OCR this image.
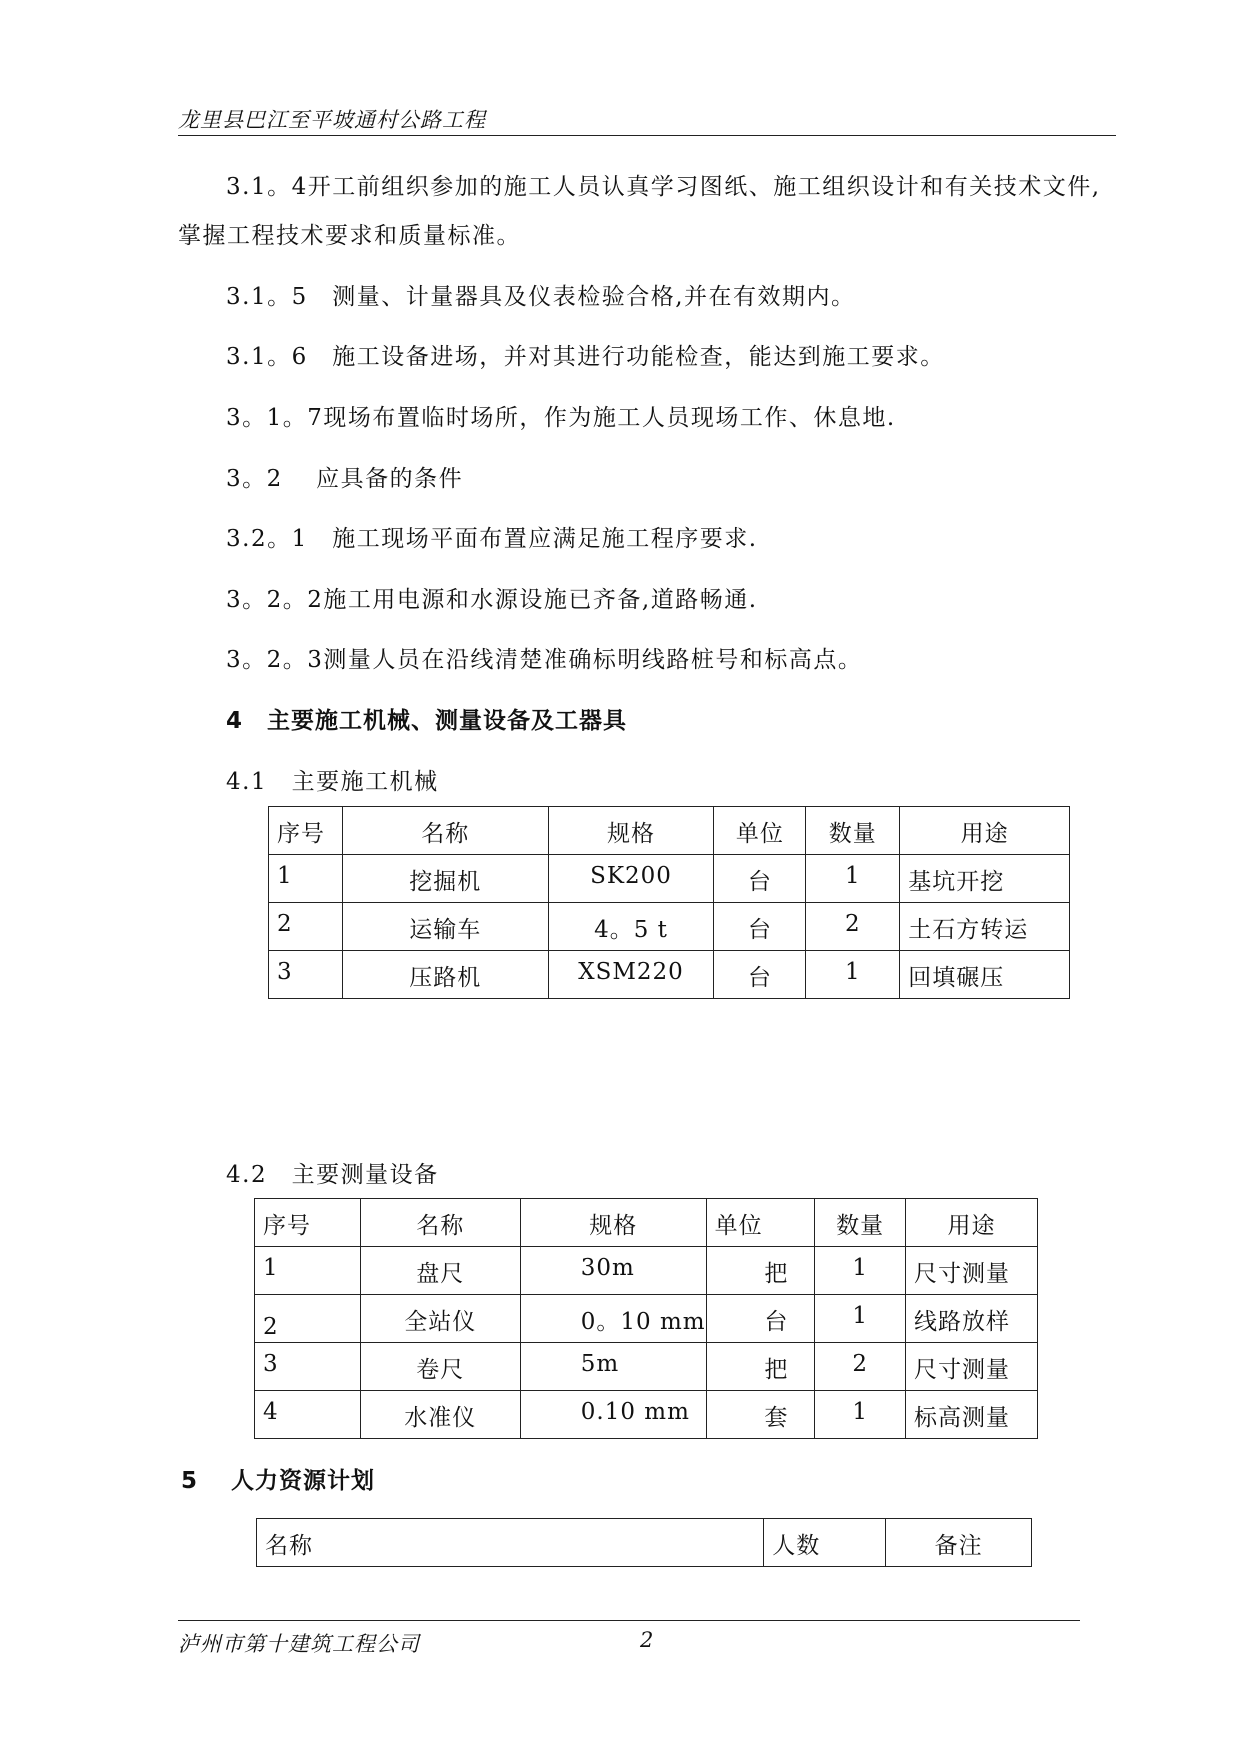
龙里县巴江至平坡通村公路工程
3.1。4开工前组织参加的施工人员认真学习图纸、施工组织设计和有关技术文件,
掌握工程技术要求和质量标准。
3.1。5　测量、计量器具及仪表检验合格,并在有效期内。
3.1。6　施工设备进场，并对其进行功能检查，能达到施工要求。
3。1。7现场布置临时场所，作为施工人员现场工作、休息地.
3。2　 应具备的条件
3.2。1　施工现场平面布置应满足施工程序要求.
3。2。2施工用电源和水源设施已齐备,道路畅通.
3。2。3测量人员在沿线清楚准确标明线路桩号和标高点。
4　主要施工机械、测量设备及工器具
4.1　主要施工机械
序号	名称	规格	单位	数量	用途
1	挖掘机	SK200	台	1	基坑开挖
2	运输车	4。5 t	台	2	土石方转运
3	压路机	XSM220	台	1	回填碾压
4.2　主要测量设备
序号	名称	规格	单位	数量	用途
1	盘尺	30m	把	1	尺寸测量
2	全站仪	0。10 mm	台	1	线路放样
3	卷尺	5m	把	2	尺寸测量
4	水准仪	0.10 mm	套	1	标高测量
5　 人力资源计划
名称	人数	备注
泸州市第十建筑工程公司	2
